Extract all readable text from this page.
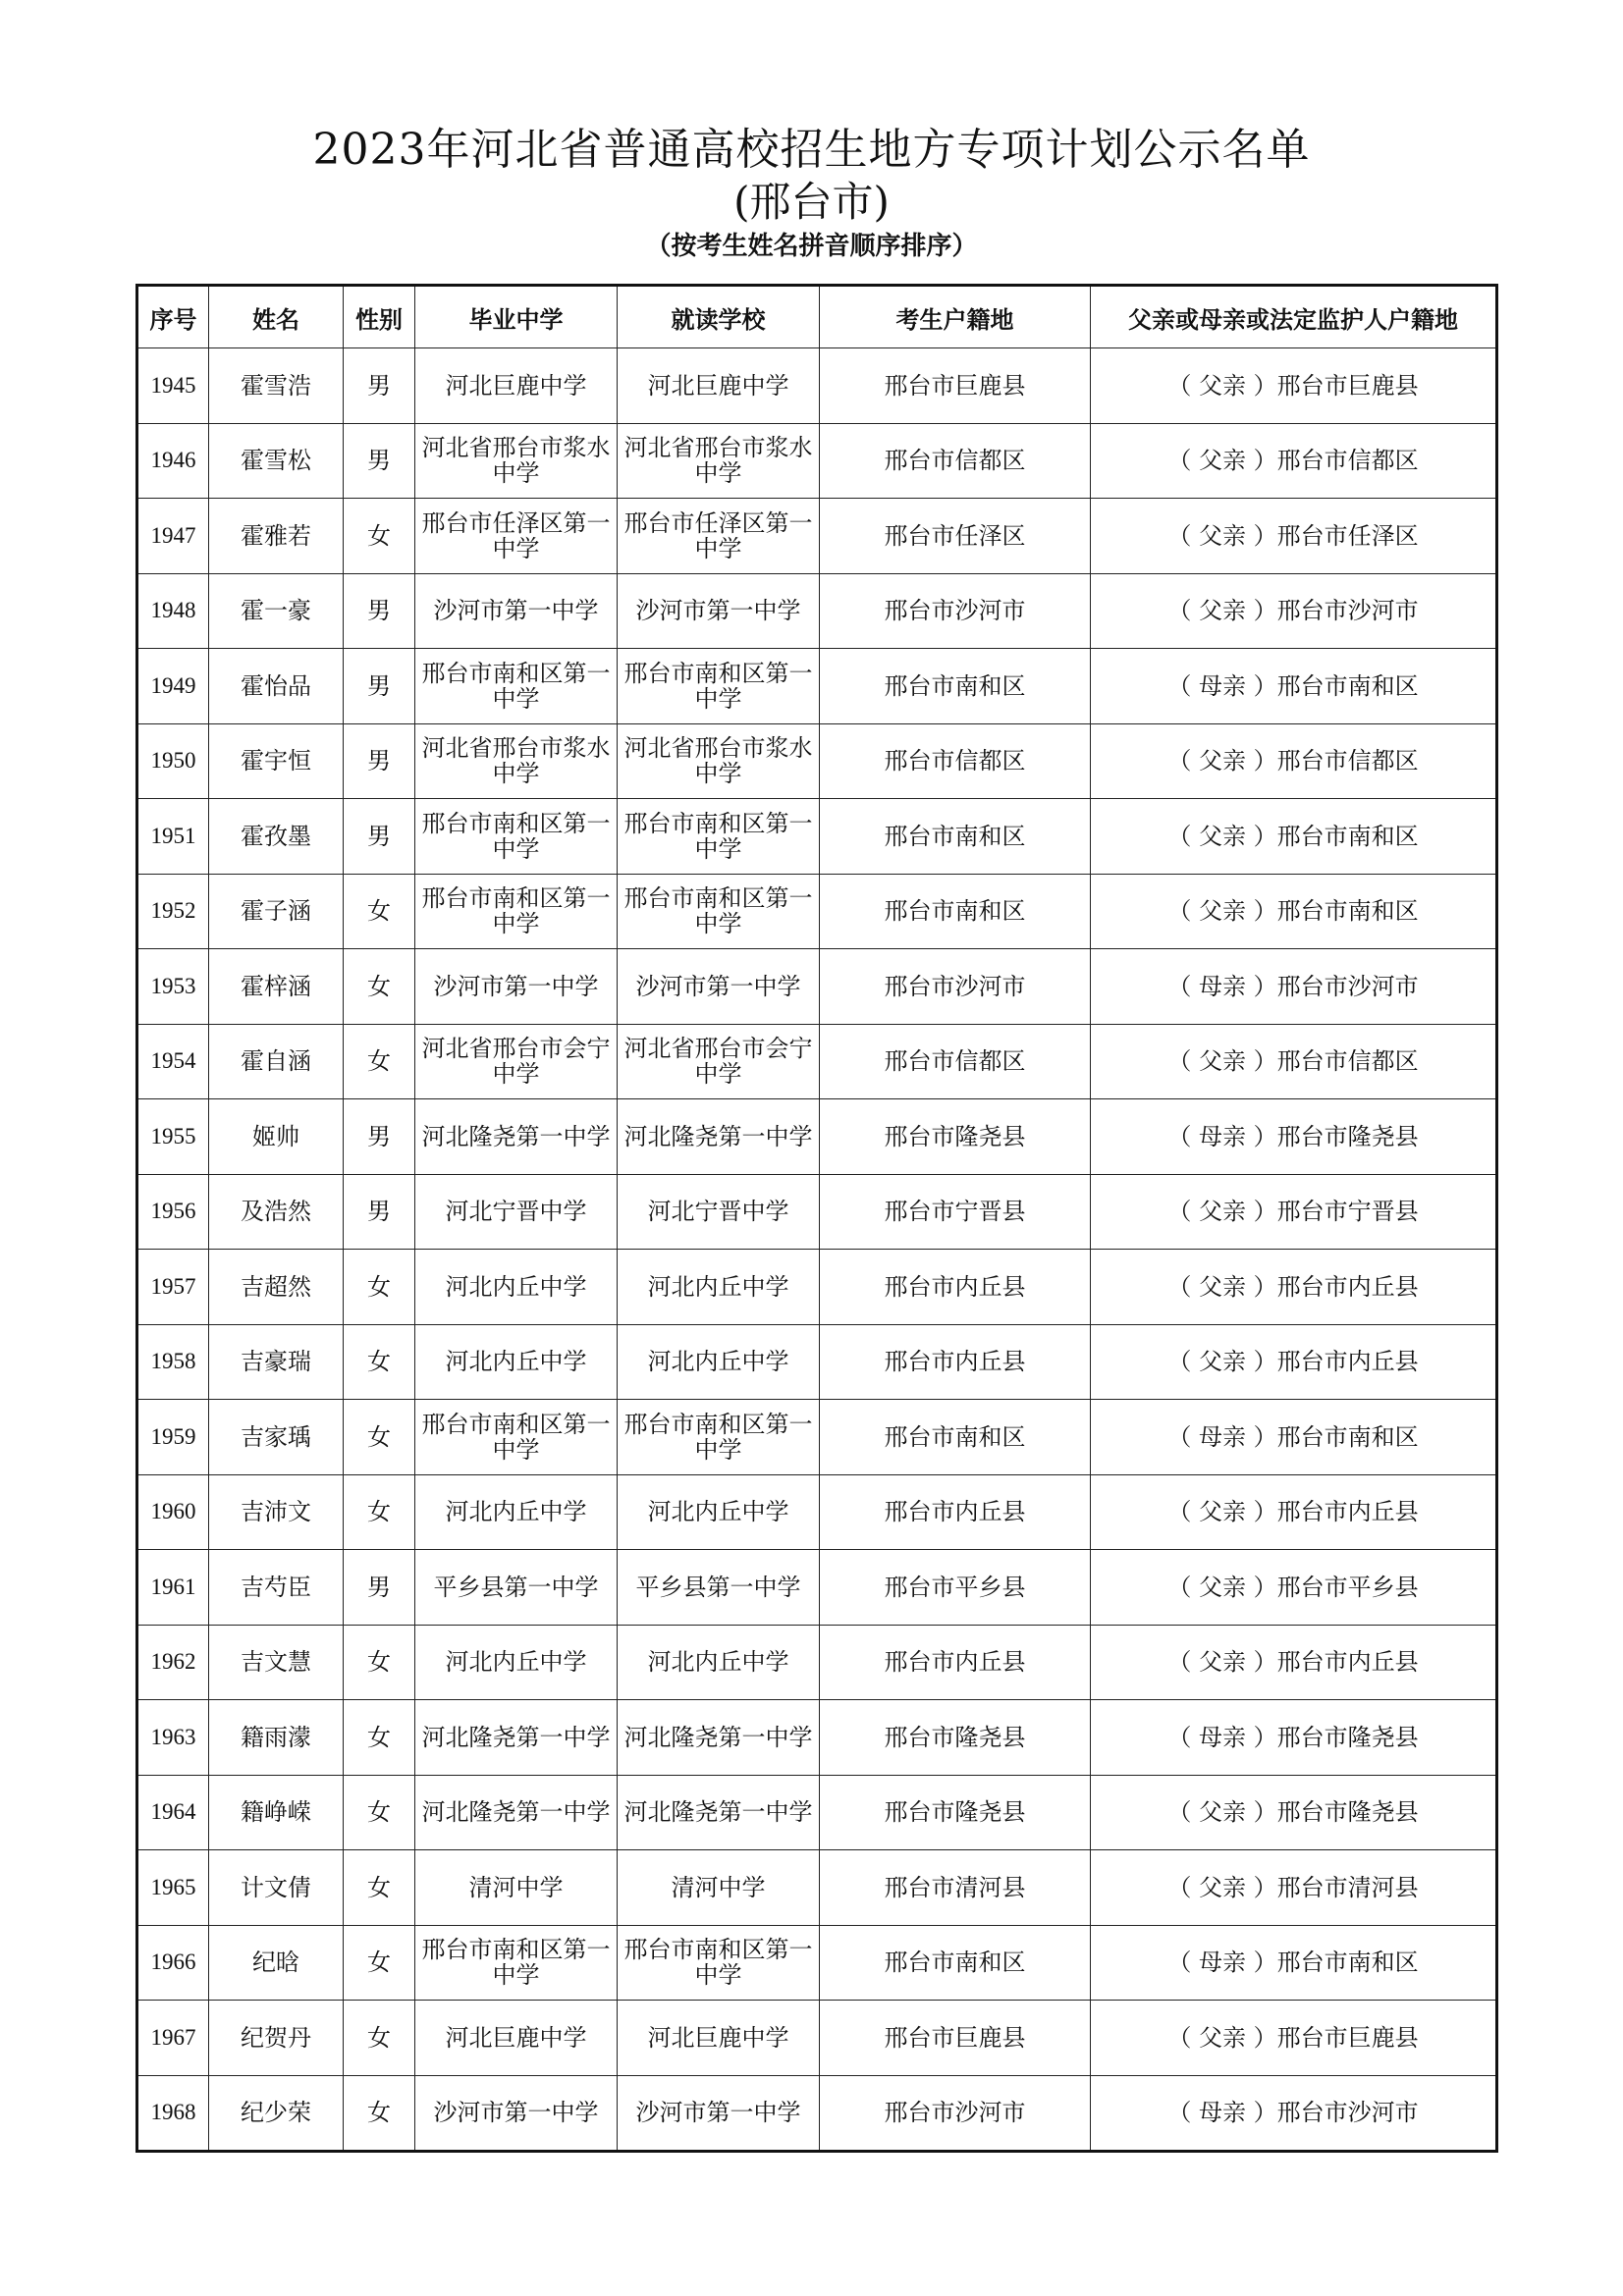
2023年河北省普通高校招生地方专项计划公示名单
(邢台市)
（按考生姓名拼音顺序排序）
序号	姓名	性别	毕业中学	就读学校	考生户籍地	父亲或母亲或法定监护人户籍地
1945	霍雪浩	男	河北巨鹿中学	河北巨鹿中学	邢台市巨鹿县	（ 父亲 ）邢台市巨鹿县
1946	霍雪松	男	河北省邢台市浆水中学	河北省邢台市浆水中学	邢台市信都区	（ 父亲 ）邢台市信都区
1947	霍雅若	女	邢台市任泽区第一中学	邢台市任泽区第一中学	邢台市任泽区	（ 父亲 ）邢台市任泽区
1948	霍一豪	男	沙河市第一中学	沙河市第一中学	邢台市沙河市	（ 父亲 ）邢台市沙河市
1949	霍怡品	男	邢台市南和区第一中学	邢台市南和区第一中学	邢台市南和区	（ 母亲 ）邢台市南和区
1950	霍宇恒	男	河北省邢台市浆水中学	河北省邢台市浆水中学	邢台市信都区	（ 父亲 ）邢台市信都区
1951	霍孜墨	男	邢台市南和区第一中学	邢台市南和区第一中学	邢台市南和区	（ 父亲 ）邢台市南和区
1952	霍子涵	女	邢台市南和区第一中学	邢台市南和区第一中学	邢台市南和区	（ 父亲 ）邢台市南和区
1953	霍梓涵	女	沙河市第一中学	沙河市第一中学	邢台市沙河市	（ 母亲 ）邢台市沙河市
1954	霍自涵	女	河北省邢台市会宁中学	河北省邢台市会宁中学	邢台市信都区	（ 父亲 ）邢台市信都区
1955	姬帅	男	河北隆尧第一中学	河北隆尧第一中学	邢台市隆尧县	（ 母亲 ）邢台市隆尧县
1956	及浩然	男	河北宁晋中学	河北宁晋中学	邢台市宁晋县	（ 父亲 ）邢台市宁晋县
1957	吉超然	女	河北内丘中学	河北内丘中学	邢台市内丘县	（ 父亲 ）邢台市内丘县
1958	吉豪瑞	女	河北内丘中学	河北内丘中学	邢台市内丘县	（ 父亲 ）邢台市内丘县
1959	吉家瑀	女	邢台市南和区第一中学	邢台市南和区第一中学	邢台市南和区	（ 母亲 ）邢台市南和区
1960	吉沛文	女	河北内丘中学	河北内丘中学	邢台市内丘县	（ 父亲 ）邢台市内丘县
1961	吉芍臣	男	平乡县第一中学	平乡县第一中学	邢台市平乡县	（ 父亲 ）邢台市平乡县
1962	吉文慧	女	河北内丘中学	河北内丘中学	邢台市内丘县	（ 父亲 ）邢台市内丘县
1963	籍雨濛	女	河北隆尧第一中学	河北隆尧第一中学	邢台市隆尧县	（ 母亲 ）邢台市隆尧县
1964	籍峥嵘	女	河北隆尧第一中学	河北隆尧第一中学	邢台市隆尧县	（ 父亲 ）邢台市隆尧县
1965	计文倩	女	清河中学	清河中学	邢台市清河县	（ 父亲 ）邢台市清河县
1966	纪晗	女	邢台市南和区第一中学	邢台市南和区第一中学	邢台市南和区	（ 母亲 ）邢台市南和区
1967	纪贺丹	女	河北巨鹿中学	河北巨鹿中学	邢台市巨鹿县	（ 父亲 ）邢台市巨鹿县
1968	纪少荣	女	沙河市第一中学	沙河市第一中学	邢台市沙河市	（ 母亲 ）邢台市沙河市
